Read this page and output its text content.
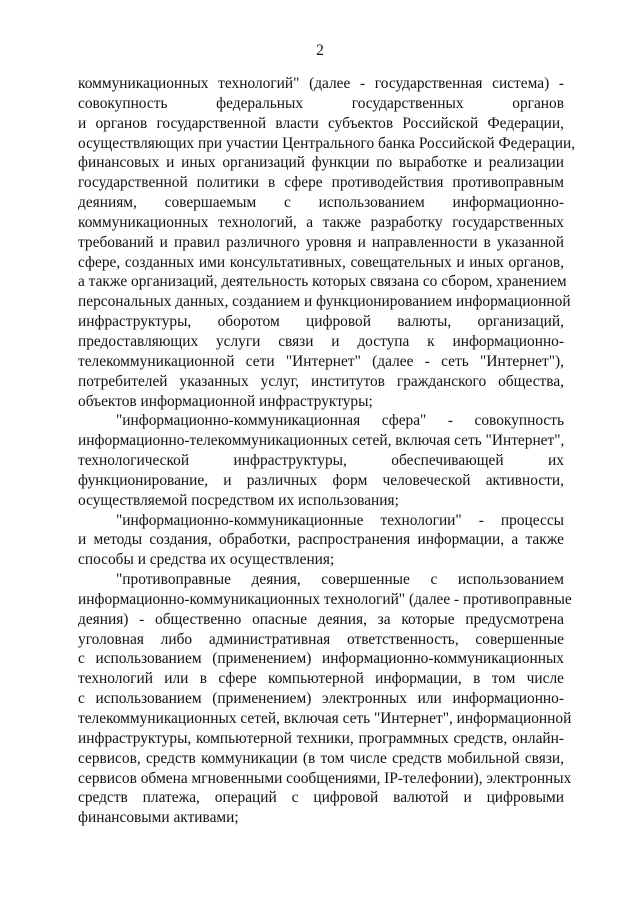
2
коммуникационных технологий" (далее - государственная система) -
совокупность федеральных государственных органов
и органов государственной власти субъектов Российской Федерации,
осуществляющих при участии Центрального банка Российской Федерации,
финансовых и иных организаций функции по выработке и реализации
государственной политики в сфере противодействия противоправным
деяниям, совершаемым с использованием информационно-
коммуникационных технологий, а также разработку государственных
требований и правил различного уровня и направленности в указанной
сфере, созданных ими консультативных, совещательных и иных органов,
а также организаций, деятельность которых связана со сбором, хранением
персональных данных, созданием и функционированием информационной
инфраструктуры, оборотом цифровой валюты, организаций,
предоставляющих услуги связи и доступа к информационно-
телекоммуникационной сети "Интернет" (далее - сеть "Интернет"),
потребителей указанных услуг, институтов гражданского общества,
объектов информационной инфраструктуры;
"информационно-коммуникационная сфера" - совокупность
информационно-телекоммуникационных сетей, включая сеть "Интернет",
технологической инфраструктуры, обеспечивающей их
функционирование, и различных форм человеческой активности,
осуществляемой посредством их использования;
"информационно-коммуникационные технологии" - процессы
и методы создания, обработки, распространения информации, а также
способы и средства их осуществления;
"противоправные деяния, совершенные с использованием
информационно-коммуникационных технологий" (далее - противоправные
деяния) - общественно опасные деяния, за которые предусмотрена
уголовная либо административная ответственность, совершенные
с использованием (применением) информационно-коммуникационных
технологий или в сфере компьютерной информации, в том числе
с использованием (применением) электронных или информационно-
телекоммуникационных сетей, включая сеть "Интернет", информационной
инфраструктуры, компьютерной техники, программных средств, онлайн-
сервисов, средств коммуникации (в том числе средств мобильной связи,
сервисов обмена мгновенными сообщениями, IP-телефонии), электронных
средств платежа, операций с цифровой валютой и цифровыми
финансовыми активами;
